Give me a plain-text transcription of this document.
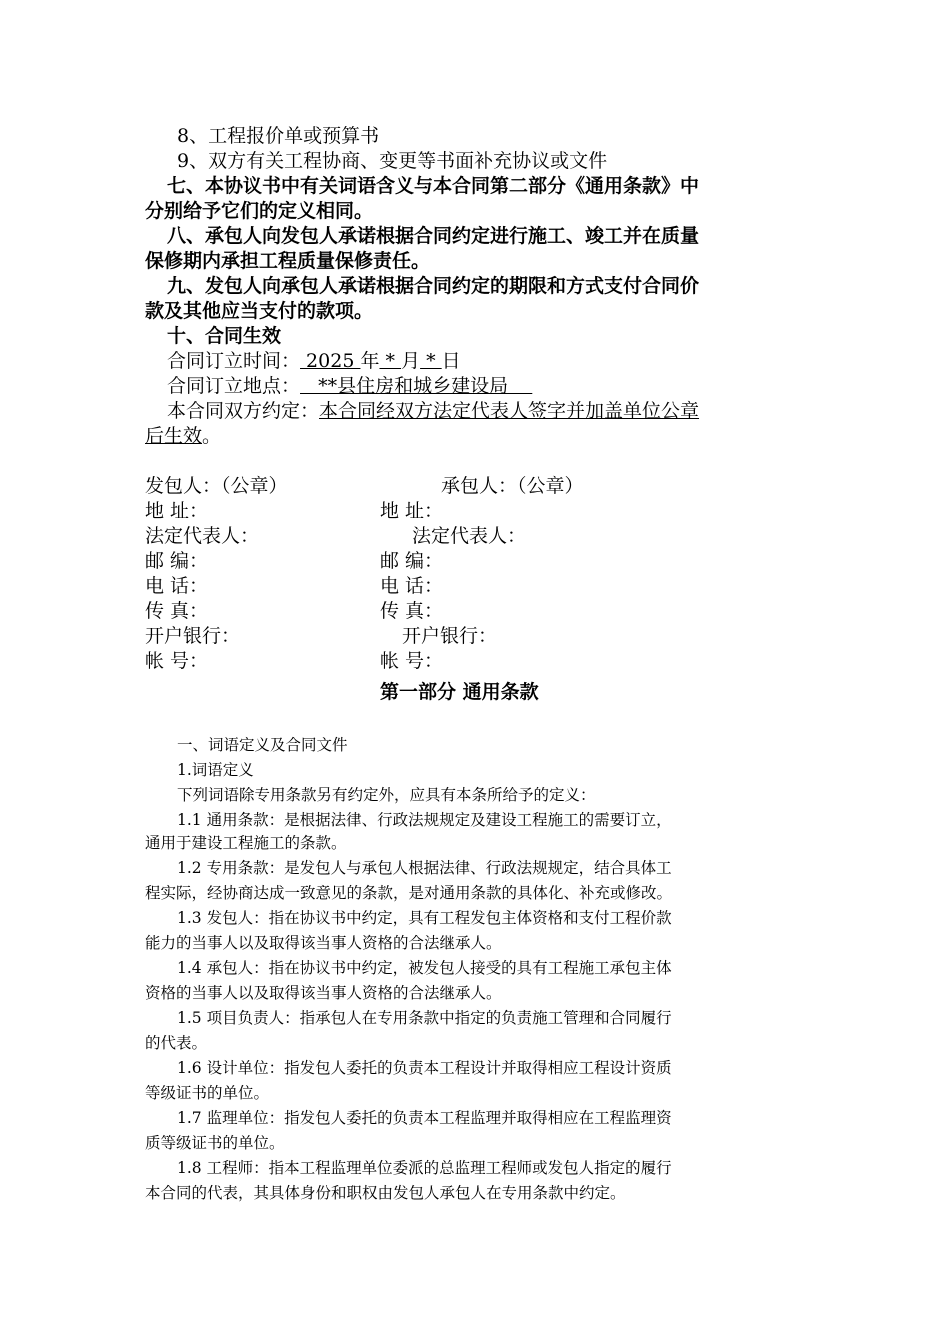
8、工程报价单或预算书
9、双方有关工程协商、变更等书面补充协议或文件
七、本协议书中有关词语含义与本合同第二部分《通用条款》中
分别给予它们的定义相同。
八、承包人向发包人承诺根据合同约定进行施工、竣工并在质量
保修期内承担工程质量保修责任。
九、发包人向承包人承诺根据合同约定的期限和方式支付合同价
款及其他应当支付的款项。
十、合同生效
合同订立时间： 2025 年 * 月 * 日
合同订立地点：   **县住房和城乡建设局
本合同双方约定：本合同经双方法定代表人签字并加盖单位公章
后生效。
发包人：（公章）	承包人：（公章）
地 址：	地 址：
法定代表人：	法定代表人：
邮 编：	邮 编：
电 话：	电 话：
传 真：	传 真：
开户银行：	开户银行：
帐 号：	帐 号：
第一部分 通用条款
一、词语定义及合同文件
1.词语定义
下列词语除专用条款另有约定外，应具有本条所给予的定义：
1.1 通用条款：是根据法律、行政法规规定及建设工程施工的需要订立，
通用于建设工程施工的条款。
1.2 专用条款：是发包人与承包人根据法律、行政法规规定，结合具体工
程实际，经协商达成一致意见的条款，是对通用条款的具体化、补充或修改。
1.3 发包人：指在协议书中约定，具有工程发包主体资格和支付工程价款
能力的当事人以及取得该当事人资格的合法继承人。
1.4 承包人：指在协议书中约定，被发包人接受的具有工程施工承包主体
资格的当事人以及取得该当事人资格的合法继承人。
1.5 项目负责人：指承包人在专用条款中指定的负责施工管理和合同履行
的代表。
1.6 设计单位：指发包人委托的负责本工程设计并取得相应工程设计资质
等级证书的单位。
1.7 监理单位：指发包人委托的负责本工程监理并取得相应在工程监理资
质等级证书的单位。
1.8 工程师：指本工程监理单位委派的总监理工程师或发包人指定的履行
本合同的代表，其具体身份和职权由发包人承包人在专用条款中约定。
